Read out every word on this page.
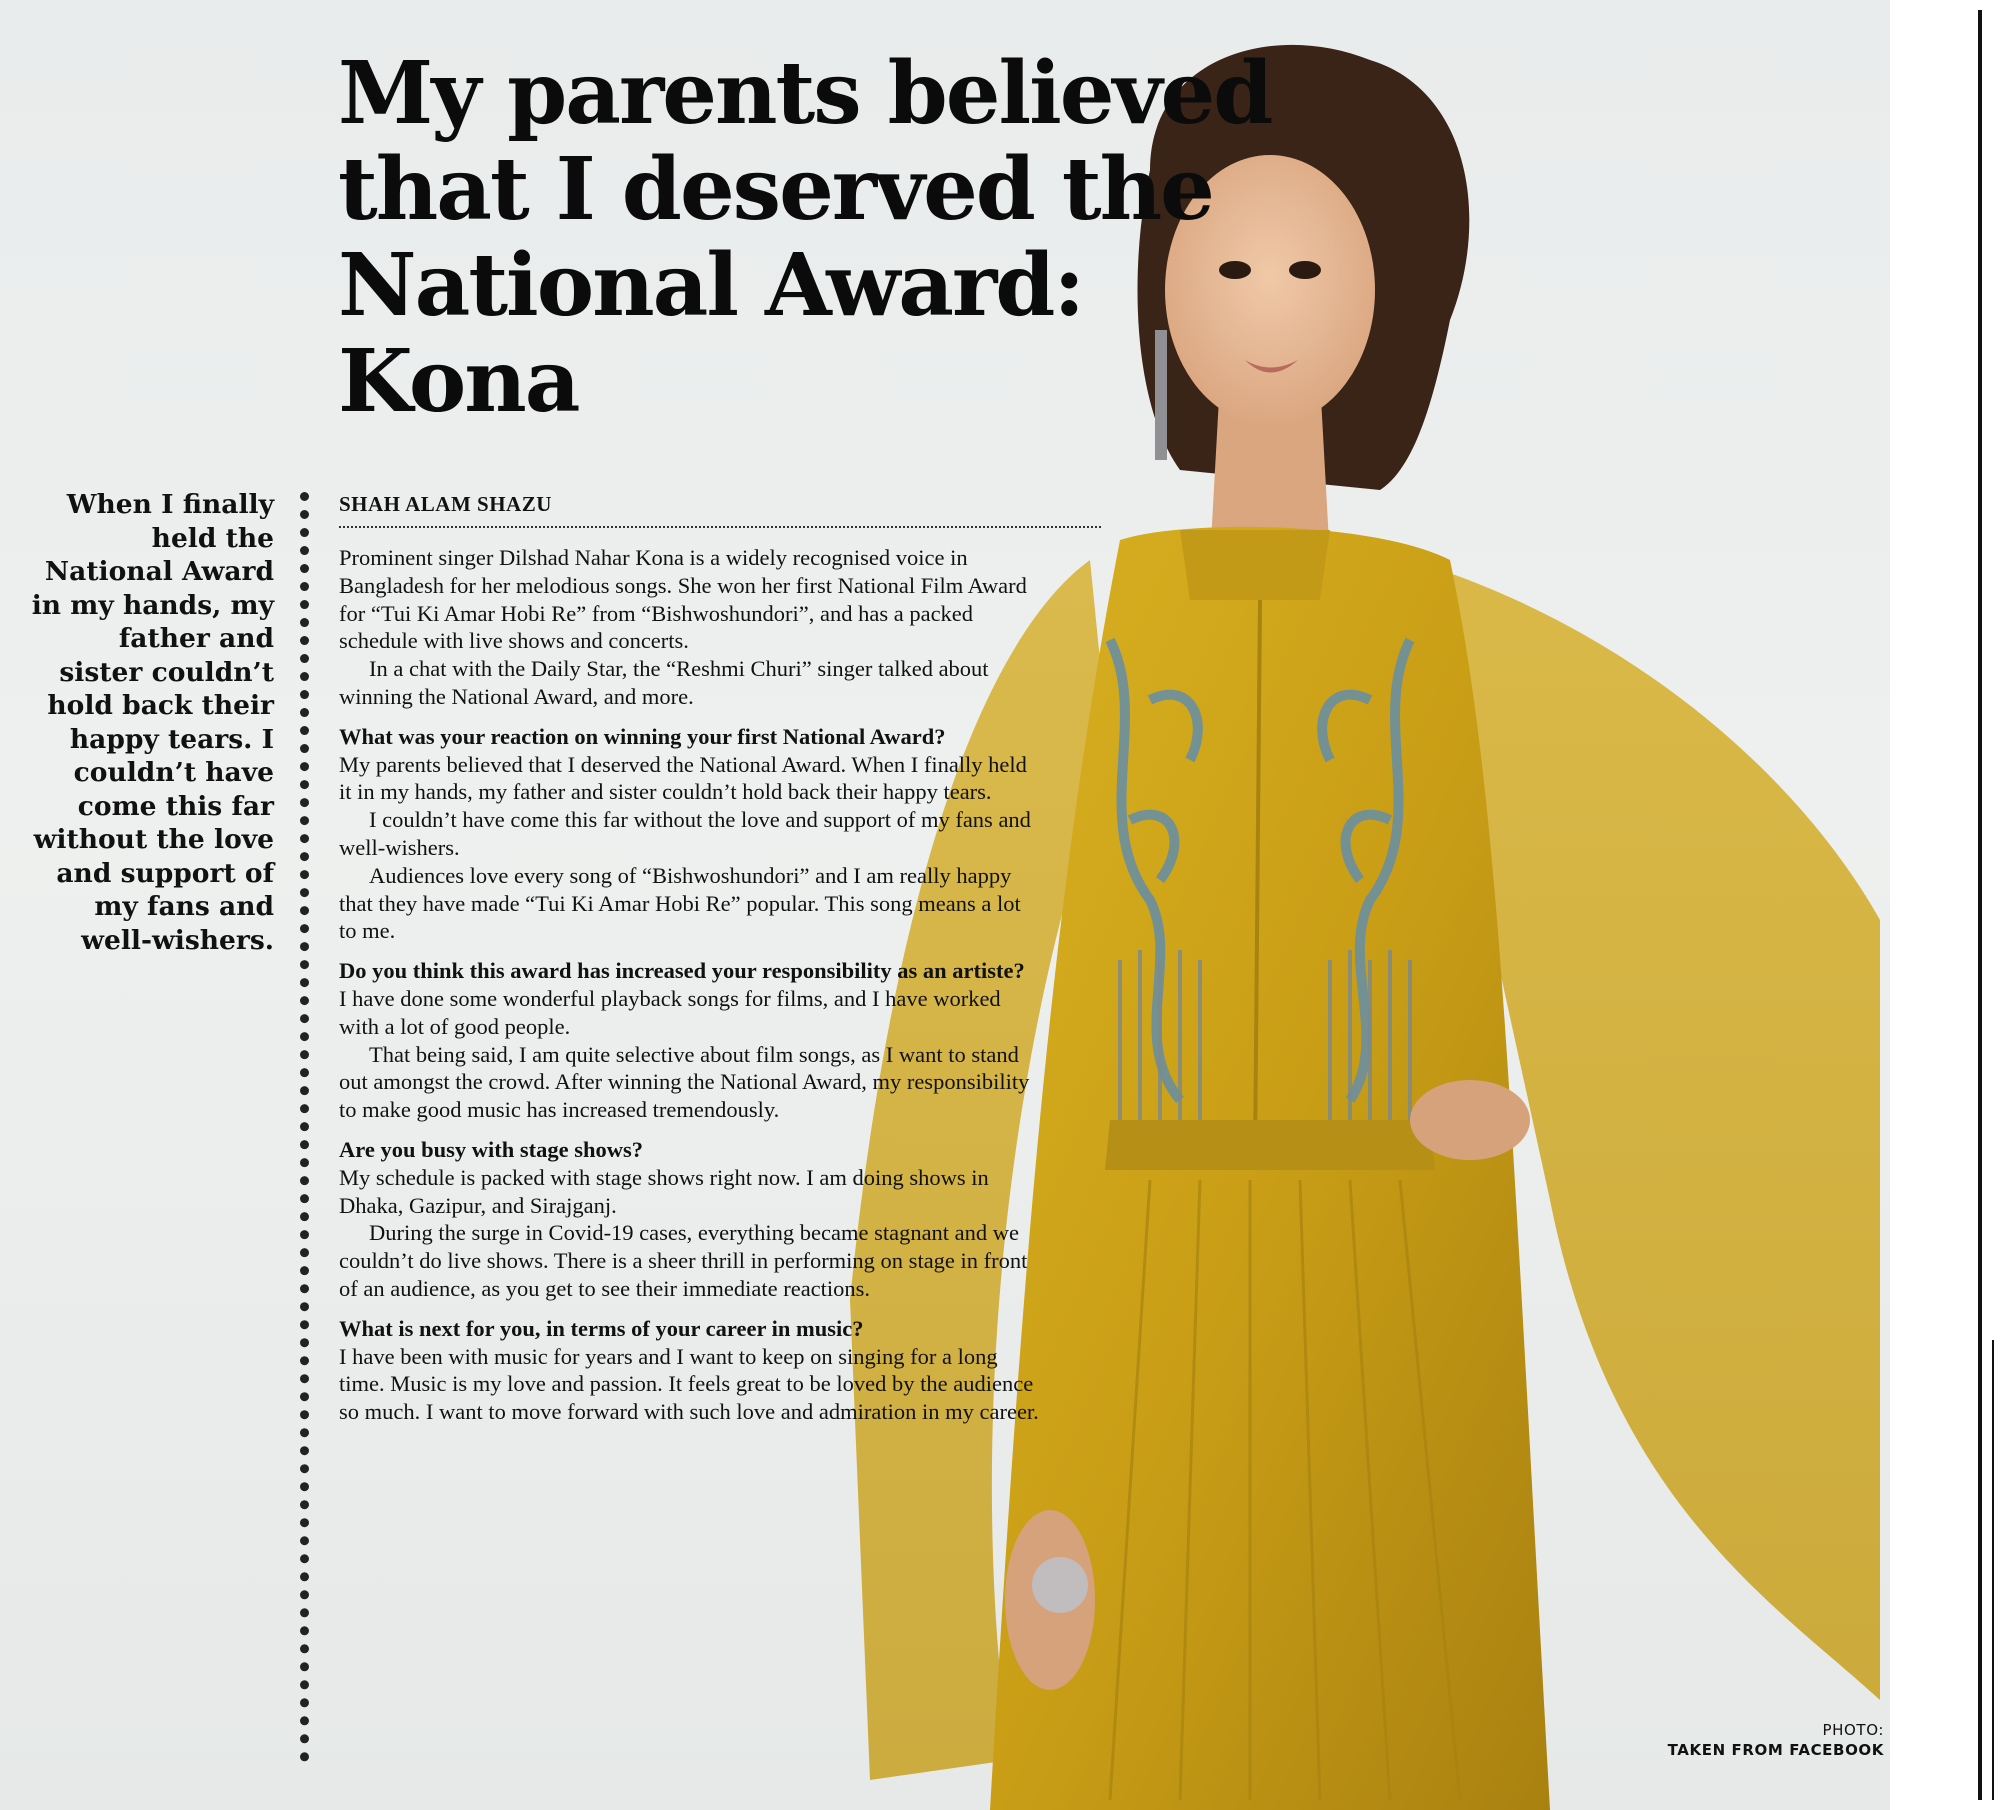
My parents believed that I deserved the National Award: Kona

When I finally held the National Award in my hands, my father and sister couldn’t hold back their happy tears. I couldn’t have come this far without the love and support of my fans and well-wishers.

SHAH ALAM SHAZU

Prominent singer Dilshad Nahar Kona is a widely recognised voice in Bangladesh for her melodious songs. She won her first National Film Award for “Tui Ki Amar Hobi Re” from “Bishwoshundori”, and has a packed schedule with live shows and concerts.

In a chat with the Daily Star, the “Reshmi Churi” singer talked about winning the National Award, and more.

What was your reaction on winning your first National Award?

My parents believed that I deserved the National Award. When I finally held it in my hands, my father and sister couldn’t hold back their happy tears.

I couldn’t have come this far without the love and support of my fans and well-wishers.

Audiences love every song of “Bishwoshundori” and I am really happy that they have made “Tui Ki Amar Hobi Re” popular. This song means a lot to me.

Do you think this award has increased your responsibility as an artiste?

I have done some wonderful playback songs for films, and I have worked with a lot of good people.

That being said, I am quite selective about film songs, as I want to stand out amongst the crowd. After winning the National Award, my responsibility to make good music has increased tremendously.

Are you busy with stage shows?

My schedule is packed with stage shows right now. I am doing shows in Dhaka, Gazipur, and Sirajganj.

During the surge in Covid-19 cases, everything became stagnant and we couldn’t do live shows. There is a sheer thrill in performing on stage in front of an audience, as you get to see their immediate reactions.

What is next for you, in terms of your career in music?

I have been with music for years and I want to keep on singing for a long time. Music is my love and passion. It feels great to be loved by the audience so much. I want to move forward with such love and admiration in my career.

PHOTO:
TAKEN FROM FACEBOOK
